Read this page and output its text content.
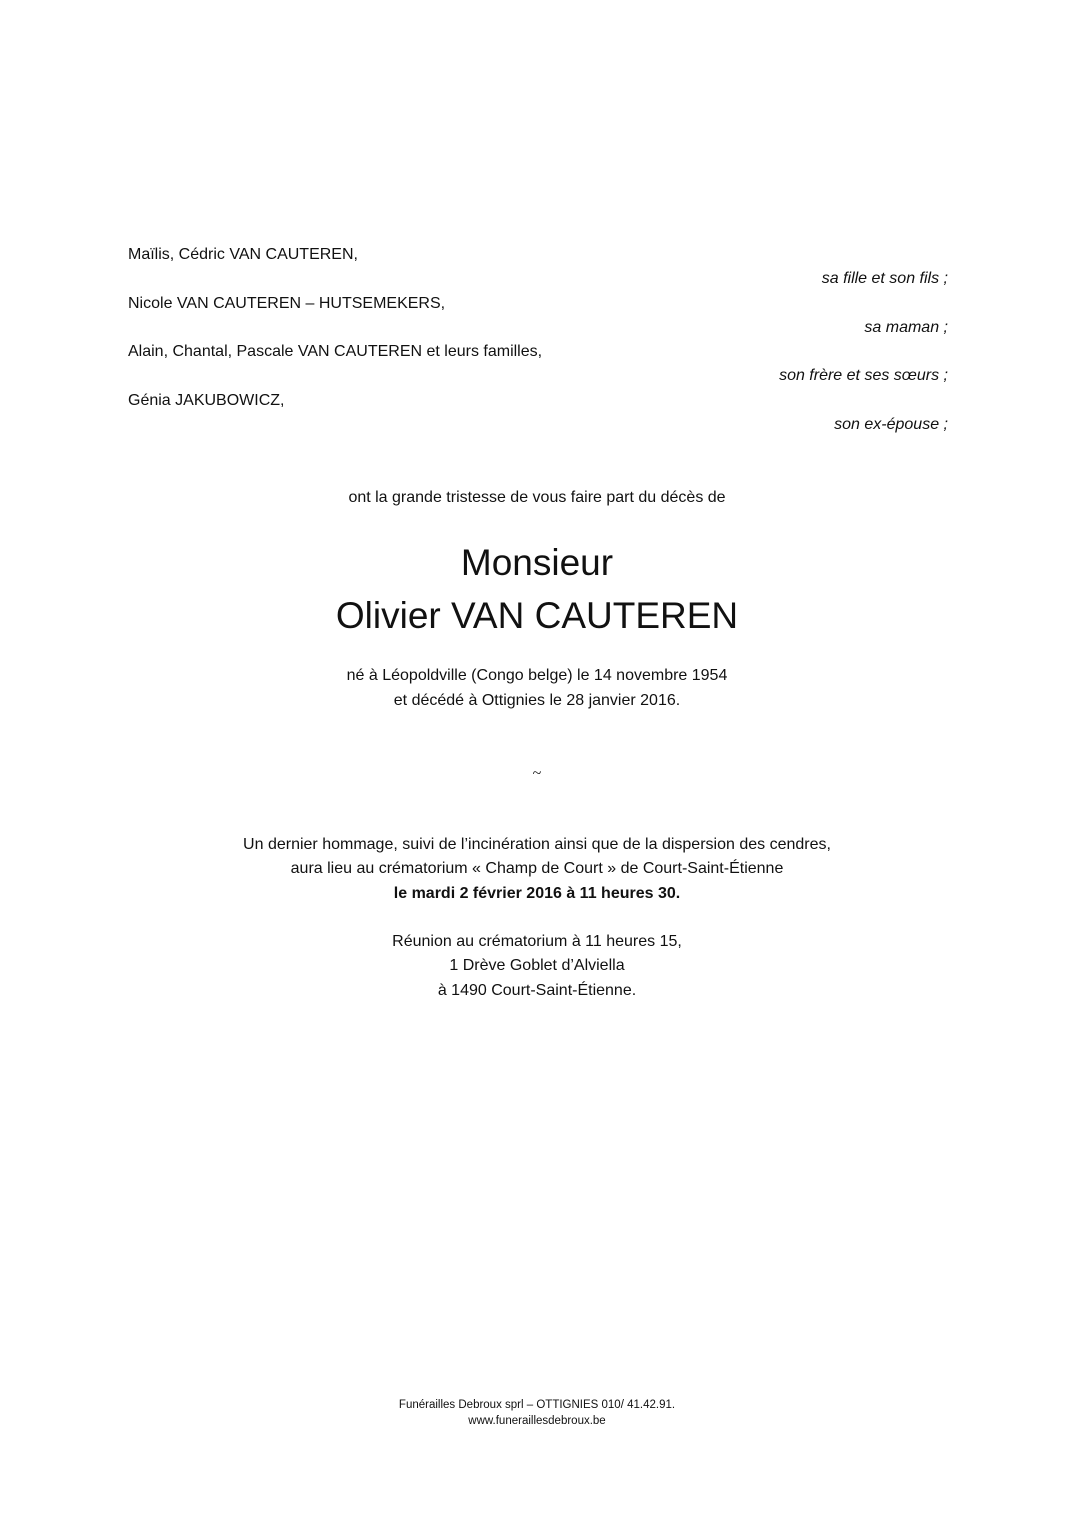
Maïlis, Cédric VAN CAUTEREN,
sa fille et son fils ;
Nicole VAN CAUTEREN – HUTSEMEKERS,
sa maman ;
Alain, Chantal, Pascale VAN CAUTEREN et leurs familles,
son frère et ses sœurs ;
Génia JAKUBOWICZ,
son ex-épouse ;
ont la grande tristesse de vous faire part du décès de
Monsieur
Olivier VAN CAUTEREN
né à Léopoldville (Congo belge) le 14 novembre 1954
et décédé à Ottignies le 28 janvier 2016.
~
Un dernier hommage, suivi de l’incinération ainsi que de la dispersion des cendres,
aura lieu au crématorium « Champ de Court » de Court-Saint-Étienne
le mardi 2 février 2016 à 11 heures 30.
Réunion au crématorium à 11 heures 15,
1 Drève Goblet d’Alviella
à 1490 Court-Saint-Étienne.
Funérailles Debroux sprl – OTTIGNIES 010/ 41.42.91.
www.funeraillesdebroux.be
